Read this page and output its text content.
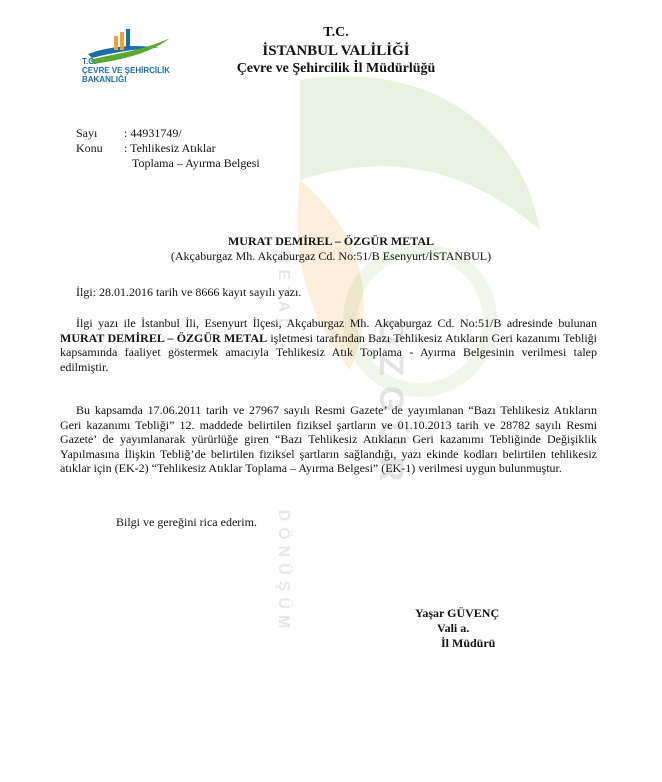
ÖZGÜR
METAL
DÖNÜŞÜM
T.C.
ÇEVRE VE ŞEHİRCİLİK
BAKANLIĞI
T.C.
İSTANBUL VALİLİĞİ
Çevre ve Şehircilik İl Müdürlüğü
Sayı	: 44931749/
Konu	: Tehlikesiz Atıklar
Toplama – Ayırma Belgesi
MURAT DEMİREL – ÖZGÜR METAL
(Akçaburgaz Mh. Akçaburgaz Cd. No:51/B Esenyurt/İSTANBUL)
İlgi: 28.01.2016 tarih ve 8666 kayıt sayılı yazı.
İlgi yazı ile İstanbul İli, Esenyurt İlçesi, Akçaburgaz Mh. Akçaburgaz Cd. No:51/B adresinde bulunan MURAT DEMİREL – ÖZGÜR METAL işletmesi tarafından Bazı Tehlikesiz Atıkların Geri kazanımı Tebliği kapsamında faaliyet göstermek amacıyla Tehlikesiz Atık Toplama - Ayırma Belgesinin verilmesi talep edilmiştir.
Bu kapsamda 17.06.2011 tarih ve 27967 sayılı Resmi Gazete’ de yayımlanan “Bazı Tehlikesiz Atıkların Geri kazanımı Tebliği” 12. maddede belirtilen fiziksel şartların ve 01.10.2013 tarih ve 28782 sayılı Resmi Gazete’ de yayımlanarak yürürlüğe giren “Bazı Tehlikesiz Atıkların Geri kazanımı Tebliğinde Değişiklik Yapılmasına İlişkin Tebliğ’de belirtilen fiziksel şartların sağlandığı, yazı ekinde kodları belirtilen tehlikesiz atıklar için (EK-2) “Tehlikesiz Atıklar Toplama – Ayırma Belgesi” (EK-1) verilmesi uygun bulunmuştur.
Bilgi ve gereğini rica ederim.
Yaşar GÜVENÇ
Vali a.
İl Müdürü
